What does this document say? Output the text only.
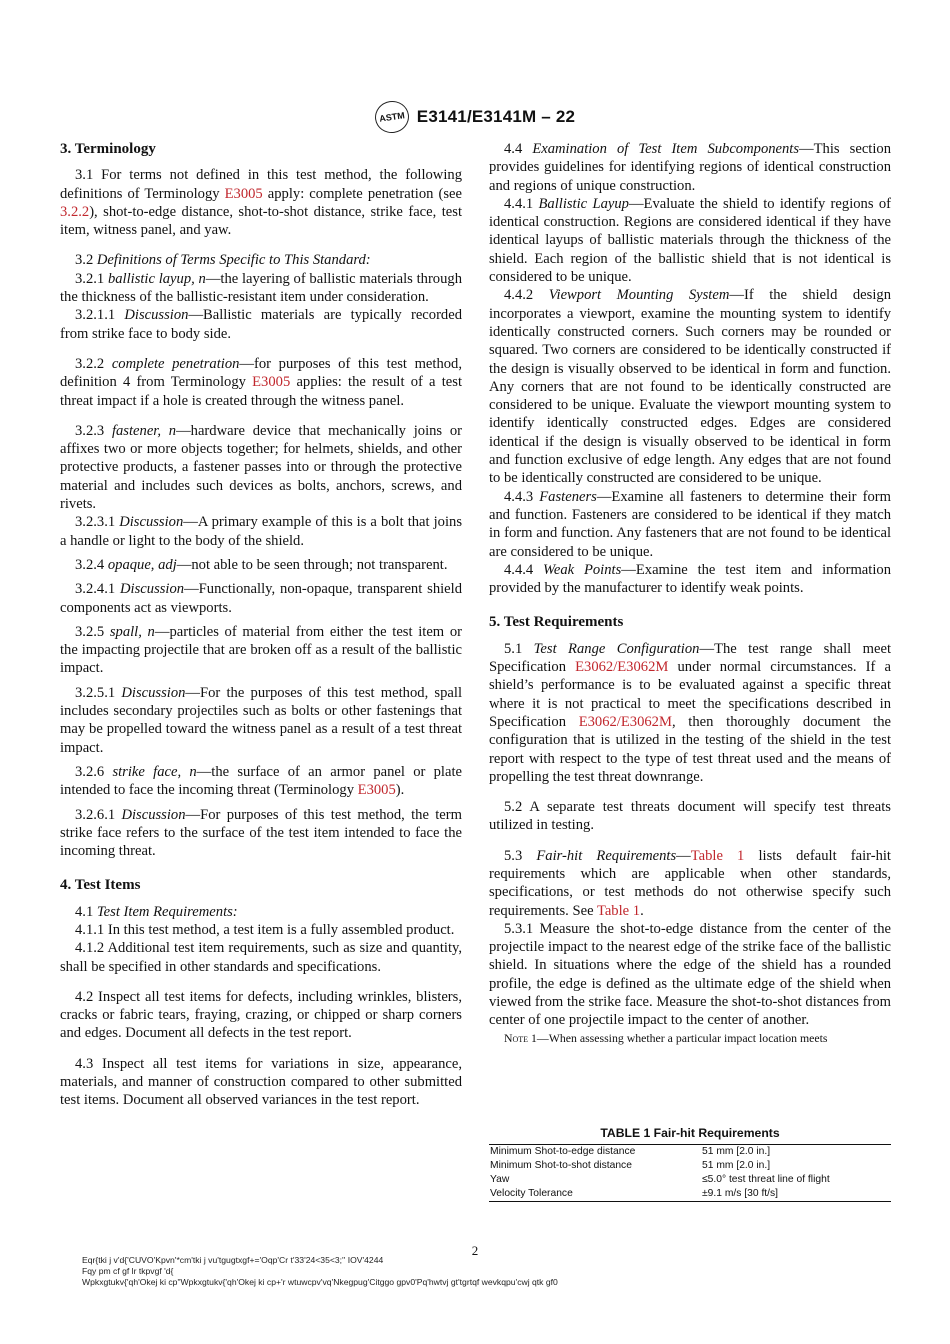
ASTM E3141/E3141M – 22
3. Terminology

3.1 For terms not defined in this test method, the following definitions of Terminology E3005 apply: complete penetration (see 3.2.2), shot-to-edge distance, shot-to-shot distance, strike face, test item, witness panel, and yaw.

3.2 Definitions of Terms Specific to This Standard:

3.2.1 ballistic layup, n—the layering of ballistic materials through the thickness of the ballistic-resistant item under consideration.

3.2.1.1 Discussion—Ballistic materials are typically recorded from strike face to body side.

3.2.2 complete penetration—for purposes of this test method, definition 4 from Terminology E3005 applies: the result of a test threat impact if a hole is created through the witness panel.

3.2.3 fastener, n—hardware device that mechanically joins or affixes two or more objects together; for helmets, shields, and other protective products, a fastener passes into or through the protective material and includes such devices as bolts, anchors, screws, and rivets.

3.2.3.1 Discussion—A primary example of this is a bolt that joins a handle or light to the body of the shield.

3.2.4 opaque, adj—not able to be seen through; not transparent.

3.2.4.1 Discussion—Functionally, non-opaque, transparent shield components act as viewports.

3.2.5 spall, n—particles of material from either the test item or the impacting projectile that are broken off as a result of the ballistic impact.

3.2.5.1 Discussion—For the purposes of this test method, spall includes secondary projectiles such as bolts or other fastenings that may be propelled toward the witness panel as a result of a test threat impact.

3.2.6 strike face, n—the surface of an armor panel or plate intended to face the incoming threat (Terminology E3005).

3.2.6.1 Discussion—For purposes of this test method, the term strike face refers to the surface of the test item intended to face the incoming threat.

4. Test Items

4.1 Test Item Requirements:

4.1.1 In this test method, a test item is a fully assembled product.

4.1.2 Additional test item requirements, such as size and quantity, shall be specified in other standards and specifications.

4.2 Inspect all test items for defects, including wrinkles, blisters, cracks or fabric tears, fraying, crazing, or chipped or sharp corners and edges. Document all defects in the test report.

4.3 Inspect all test items for variations in size, appearance, materials, and manner of construction compared to other submitted test items. Document all observed variances in the test report.

4.4 Examination of Test Item Subcomponents—This section provides guidelines for identifying regions of identical construction and regions of unique construction.

4.4.1 Ballistic Layup—Evaluate the shield to identify regions of identical construction. Regions are considered identical if they have identical layups of ballistic materials through the thickness of the shield. Each region of the ballistic shield that is not identical is considered to be unique.

4.4.2 Viewport Mounting System—If the shield design incorporates a viewport, examine the mounting system to identify identically constructed corners. Such corners may be rounded or squared. Two corners are considered to be identically constructed if the design is visually observed to be identical in form and function. Any corners that are not found to be identically constructed are considered to be unique. Evaluate the viewport mounting system to identify identically constructed edges. Edges are considered identical if the design is visually observed to be identical in form and function exclusive of edge length. Any edges that are not found to be identically constructed are considered to be unique.

4.4.3 Fasteners—Examine all fasteners to determine their form and function. Fasteners are considered to be identical if they match in form and function. Any fasteners that are not found to be identical are considered to be unique.

4.4.4 Weak Points—Examine the test item and information provided by the manufacturer to identify weak points.

5. Test Requirements

5.1 Test Range Configuration—The test range shall meet Specification E3062/E3062M under normal circumstances. If a shield’s performance is to be evaluated against a specific threat where it is not practical to meet the specifications described in Specification E3062/E3062M, then thoroughly document the configuration that is utilized in the testing of the shield in the test report with respect to the type of test threat used and the means of propelling the test threat downrange.

5.2 A separate test threats document will specify test threats utilized in testing.

5.3 Fair-hit Requirements—Table 1 lists default fair-hit requirements which are applicable when other standards, specifications, or test methods do not otherwise specify such requirements. See Table 1.

5.3.1 Measure the shot-to-edge distance from the center of the projectile impact to the nearest edge of the strike face of the ballistic shield. In situations where the edge of the shield has a rounded profile, the edge is defined as the ultimate edge of the shield when viewed from the strike face. Measure the shot-to-shot distances from center of one projectile impact to the center of another.

Note 1—When assessing whether a particular impact location meets

TABLE 1 Fair-hit Requirements
Minimum Shot-to-edge distance	51 mm [2.0 in.]
Minimum Shot-to-shot distance	51 mm [2.0 in.]
Yaw	≤5.0° test threat line of flight
Velocity Tolerance	±9.1 m/s [30 ft/s]
2
Eqr{tki j v'd{'CUVO'Kpvn'*cm'tki j vu'tgugtxgf+='Oqp'Cr t'33'24<35<3;'' IOV'4244
Fqy pm cf gf lr tkpvgf 'd{
Wpkxgtukv{'qh'Okej ki cp"Wpkxgtukv{'qh'Okej ki cp+'r wtuwcpv'vq'Nkegpug'Citggo gpv0'Pq'hwtvj gt'tgrtqf wevkqpu'cwj qtk gf0
